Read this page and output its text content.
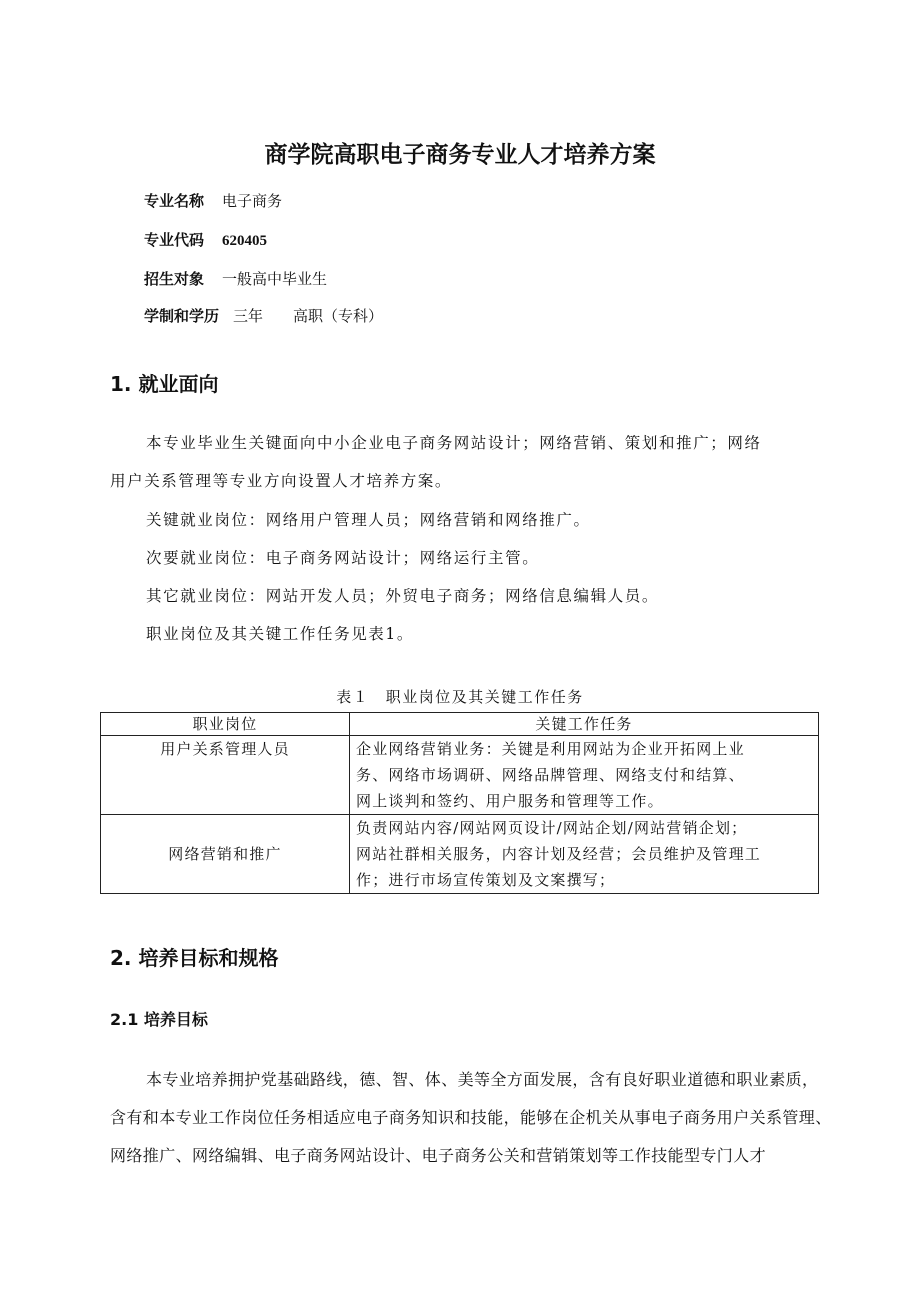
商学院高职电子商务专业人才培养方案
专业名称 电子商务
专业代码 620405
招生对象 一般高中毕业生
学制和学历 三年　　高职（专科）
1. 就业面向
本专业毕业生关键面向中小企业电子商务网站设计；网络营销、策划和推广；网络
用户关系管理等专业方向设置人才培养方案。
关键就业岗位：网络用户管理人员；网络营销和网络推广。
次要就业岗位：电子商务网站设计；网络运行主管。
其它就业岗位：网站开发人员；外贸电子商务；网络信息编辑人员。
职业岗位及其关键工作任务见表1。
表１　职业岗位及其关键工作任务
职业岗位	关键工作任务
用户关系管理人员	企业网络营销业务：关键是利用网站为企业开拓网上业
务、网络市场调研、网络品牌管理、网络支付和结算、
网上谈判和签约、用户服务和管理等工作。

网络营销和推广	负责网站内容/网站网页设计/网站企划/网站营销企划；
网站社群相关服务，内容计划及经营；会员维护及管理工
作；进行市场宣传策划及文案撰写；
2. 培养目标和规格
2.1 培养目标
本专业培养拥护党基础路线，德、智、体、美等全方面发展，含有良好职业道德和职业素质，
含有和本专业工作岗位任务相适应电子商务知识和技能，能够在企机关从事电子商务用户关系管理、
网络推广、网络编辑、电子商务网站设计、电子商务公关和营销策划等工作技能型专门人才
